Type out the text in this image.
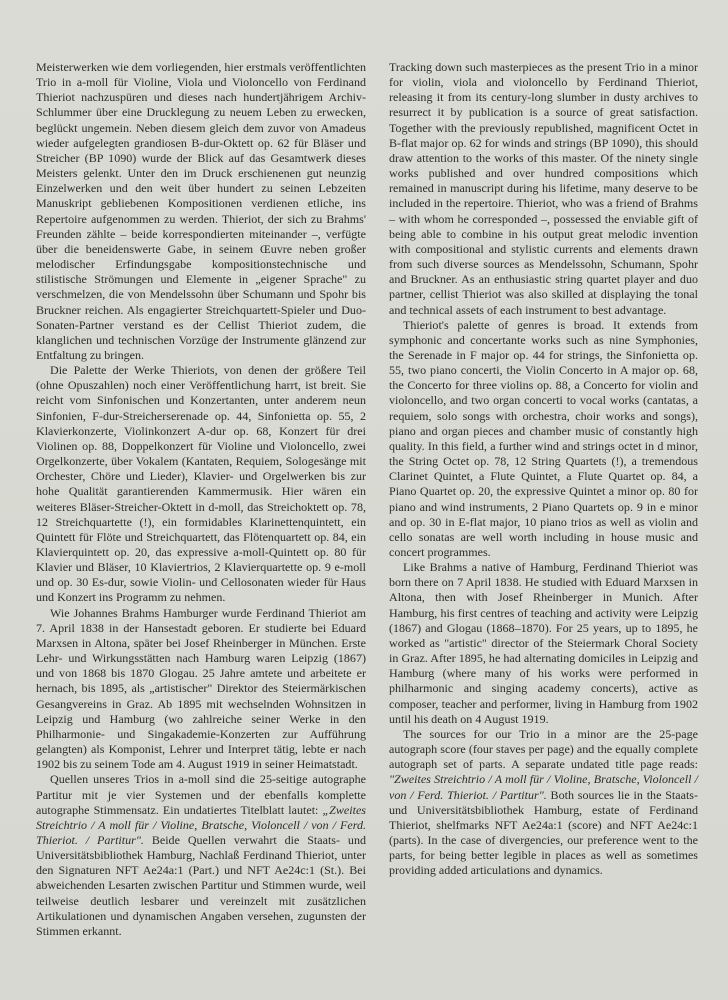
Meisterwerken wie dem vorliegenden, hier erstmals veröffentlichten Trio in a-moll für Violine, Viola und Violoncello von Ferdinand Thieriot nachzuspüren und dieses nach hundertjährigem Archiv-Schlummer über eine Drucklegung zu neuem Leben zu erwecken, beglückt ungemein. Neben diesem gleich dem zuvor von Amadeus wieder aufgelegten grandiosen B-dur-Oktett op. 62 für Bläser und Streicher (BP 1090) wurde der Blick auf das Gesamtwerk dieses Meisters gelenkt. Unter den im Druck erschienenen gut neunzig Einzelwerken und den weit über hundert zu seinen Lebzeiten Manuskript gebliebenen Kompositionen verdienen etliche, ins Repertoire aufgenommen zu werden. Thieriot, der sich zu Brahms' Freunden zählte – beide korrespondierten miteinander –, verfügte über die beneidenswerte Gabe, in seinem Œuvre neben großer melodischer Erfindungsgabe kompositionstechnische und stilistische Strömungen und Elemente in „eigener Sprache" zu verschmelzen, die von Mendelssohn über Schumann und Spohr bis Bruckner reichen. Als engagierter Streichquartett-Spieler und Duo-Sonaten-Partner verstand es der Cellist Thieriot zudem, die klanglichen und technischen Vorzüge der Instrumente glänzend zur Entfaltung zu bringen.

Die Palette der Werke Thieriots, von denen der größere Teil (ohne Opuszahlen) noch einer Veröffentlichung harrt, ist breit. Sie reicht vom Sinfonischen und Konzertanten, unter anderem neun Sinfonien, F-dur-Streicherserenade op. 44, Sinfonietta op. 55, 2 Klavierkonzerte, Violinkonzert A-dur op. 68, Konzert für drei Violinen op. 88, Doppelkonzert für Violine und Violoncello, zwei Orgelkonzerte, über Vokalem (Kantaten, Requiem, Sologesänge mit Orchester, Chöre und Lieder), Klavier- und Orgelwerken bis zur hohe Qualität garantierenden Kammermusik. Hier wären ein weiteres Bläser-Streicher-Oktett in d-moll, das Streichoktett op. 78, 12 Streichquartette (!), ein formidables Klarinettenquintett, ein Quintett für Flöte und Streichquartett, das Flötenquartett op. 84, ein Klavierquintett op. 20, das expressive a-moll-Quintett op. 80 für Klavier und Bläser, 10 Klaviertrios, 2 Klavierquartette op. 9 e-moll und op. 30 Es-dur, sowie Violin- und Cellosonaten wieder für Haus und Konzert ins Programm zu nehmen.

Wie Johannes Brahms Hamburger wurde Ferdinand Thieriot am 7. April 1838 in der Hansestadt geboren. Er studierte bei Eduard Marxsen in Altona, später bei Josef Rheinberger in München. Erste Lehr- und Wirkungsstätten nach Hamburg waren Leipzig (1867) und von 1868 bis 1870 Glogau. 25 Jahre amtete und arbeitete er hernach, bis 1895, als „artistischer" Direktor des Steiermärkischen Gesangvereins in Graz. Ab 1895 mit wechselnden Wohnsitzen in Leipzig und Hamburg (wo zahlreiche seiner Werke in den Philharmonie- und Singakademie-Konzerten zur Aufführung gelangten) als Komponist, Lehrer und Interpret tätig, lebte er nach 1902 bis zu seinem Tode am 4. August 1919 in seiner Heimatstadt.

Quellen unseres Trios in a-moll sind die 25-seitige autographe Partitur mit je vier Systemen und der ebenfalls komplette autographe Stimmensatz. Ein undatiertes Titelblatt lautet: „Zweites Streichtrio / A moll für / Violine, Bratsche, Violoncell / von / Ferd. Thieriot. / Partitur". Beide Quellen verwahrt die Staats- und Universitätsbibliothek Hamburg, Nachlaß Ferdinand Thieriot, unter den Signaturen NFT Ae24a:1 (Part.) und NFT Ae24c:1 (St.). Bei abweichenden Lesarten zwischen Partitur und Stimmen wurde, weil teilweise deutlich lesbarer und vereinzelt mit zusätzlichen Artikulationen und dynamischen Angaben versehen, zugunsten der Stimmen erkannt.

Tracking down such masterpieces as the present Trio in a minor for violin, viola and violoncello by Ferdinand Thieriot, releasing it from its century-long slumber in dusty archives to resurrect it by publication is a source of great satisfaction. Together with the previously republished, magnificent Octet in B-flat major op. 62 for winds and strings (BP 1090), this should draw attention to the works of this master. Of the ninety single works published and over hundred compositions which remained in manuscript during his lifetime, many deserve to be included in the repertoire. Thieriot, who was a friend of Brahms – with whom he corresponded –, possessed the enviable gift of being able to combine in his output great melodic invention with compositional and stylistic currents and elements drawn from such diverse sources as Mendelssohn, Schumann, Spohr and Bruckner. As an enthusiastic string quartet player and duo partner, cellist Thieriot was also skilled at displaying the tonal and technical assets of each instrument to best advantage.

Thieriot's palette of genres is broad. It extends from symphonic and concertante works such as nine Symphonies, the Serenade in F major op. 44 for strings, the Sinfonietta op. 55, two piano concerti, the Violin Concerto in A major op. 68, the Concerto for three violins op. 88, a Concerto for violin and violoncello, and two organ concerti to vocal works (cantatas, a requiem, solo songs with orchestra, choir works and songs), piano and organ pieces and chamber music of constantly high quality. In this field, a further wind and strings octet in d minor, the String Octet op. 78, 12 String Quartets (!), a tremendous Clarinet Quintet, a Flute Quintet, a Flute Quartet op. 84, a Piano Quartet op. 20, the expressive Quintet a minor op. 80 for piano and wind instruments, 2 Piano Quartets op. 9 in e minor and op. 30 in E-flat major, 10 piano trios as well as violin and cello sonatas are well worth including in house music and concert programmes.

Like Brahms a native of Hamburg, Ferdinand Thieriot was born there on 7 April 1838. He studied with Eduard Marxsen in Altona, then with Josef Rheinberger in Munich. After Hamburg, his first centres of teaching and activity were Leipzig (1867) and Glogau (1868–1870). For 25 years, up to 1895, he worked as "artistic" director of the Steiermark Choral Society in Graz. After 1895, he had alternating domiciles in Leipzig and Hamburg (where many of his works were performed in philharmonic and singing academy concerts), active as composer, teacher and performer, living in Hamburg from 1902 until his death on 4 August 1919.

The sources for our Trio in a minor are the 25-page autograph score (four staves per page) and the equally complete autograph set of parts. A separate undated title page reads: "Zweites Streichtrio / A moll für / Violine, Bratsche, Violoncell / von / Ferd. Thieriot. / Partitur". Both sources lie in the Staats- und Universitätsbibliothek Hamburg, estate of Ferdinand Thieriot, shelfmarks NFT Ae24a:1 (score) and NFT Ae24c:1 (parts). In the case of divergencies, our preference went to the parts, for being better legible in places as well as sometimes providing added articulations and dynamics.
